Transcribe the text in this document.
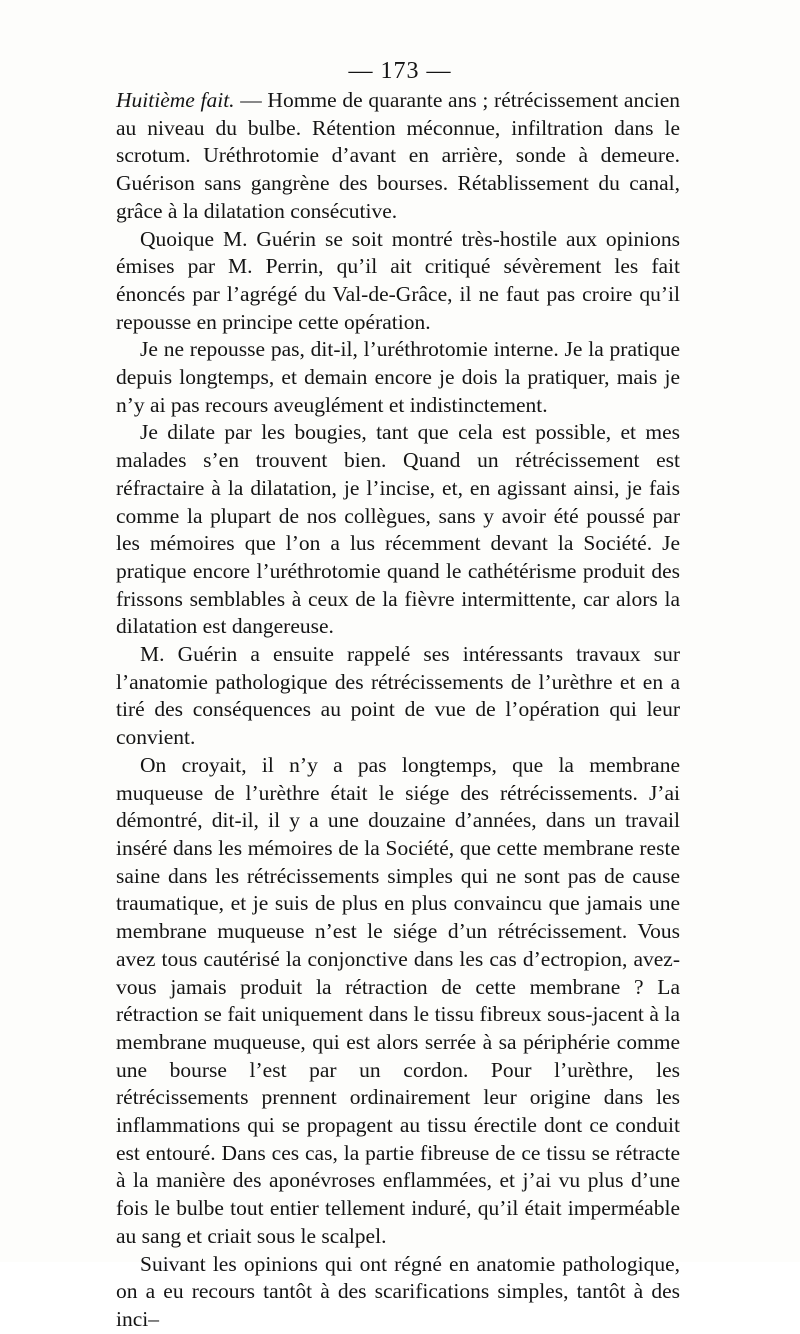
— 173 —

Huitième fait. — Homme de quarante ans ; rétrécissement ancien au niveau du bulbe. Rétention méconnue, infiltration dans le scrotum. Uréthrotomie d’avant en arrière, sonde à demeure. Guérison sans gangrène des bourses. Rétablissement du canal, grâce à la dilatation consécutive.

Quoique M. Guérin se soit montré très-hostile aux opinions émises par M. Perrin, qu’il ait critiqué sévèrement les fait énoncés par l’agrégé du Val-de-Grâce, il ne faut pas croire qu’il repousse en principe cette opération.

Je ne repousse pas, dit-il, l’uréthrotomie interne. Je la pratique depuis longtemps, et demain encore je dois la pratiquer, mais je n’y ai pas recours aveuglément et indistinctement.

Je dilate par les bougies, tant que cela est possible, et mes malades s’en trouvent bien. Quand un rétrécissement est réfractaire à la dilatation, je l’incise, et, en agissant ainsi, je fais comme la plupart de nos collègues, sans y avoir été poussé par les mémoires que l’on a lus récemment devant la Société. Je pratique encore l’uréthrotomie quand le cathétérisme produit des frissons semblables à ceux de la fièvre intermittente, car alors la dilatation est dangereuse.

M. Guérin a ensuite rappelé ses intéressants travaux sur l’anatomie pathologique des rétrécissements de l’urèthre et en a tiré des conséquences au point de vue de l’opération qui leur convient.

On croyait, il n’y a pas longtemps, que la membrane muqueuse de l’urèthre était le siége des rétrécissements. J’ai démontré, dit-il, il y a une douzaine d’années, dans un travail inséré dans les mémoires de la Société, que cette membrane reste saine dans les rétrécissements simples qui ne sont pas de cause traumatique, et je suis de plus en plus convaincu que jamais une membrane muqueuse n’est le siége d’un rétrécissement. Vous avez tous cautérisé la conjonctive dans les cas d’ectropion, avez-vous jamais produit la rétraction de cette membrane ? La rétraction se fait uniquement dans le tissu fibreux sous-jacent à la membrane muqueuse, qui est alors serrée à sa périphérie comme une bourse l’est par un cordon. Pour l’urèthre, les rétrécissements prennent ordinairement leur origine dans les inflammations qui se propagent au tissu érectile dont ce conduit est entouré. Dans ces cas, la partie fibreuse de ce tissu se rétracte à la manière des aponévroses enflammées, et j’ai vu plus d’une fois le bulbe tout entier tellement induré, qu’il était imperméable au sang et criait sous le scalpel.

Suivant les opinions qui ont régné en anatomie pathologique, on a eu recours tantôt à des scarifications simples, tantôt à des inci–
